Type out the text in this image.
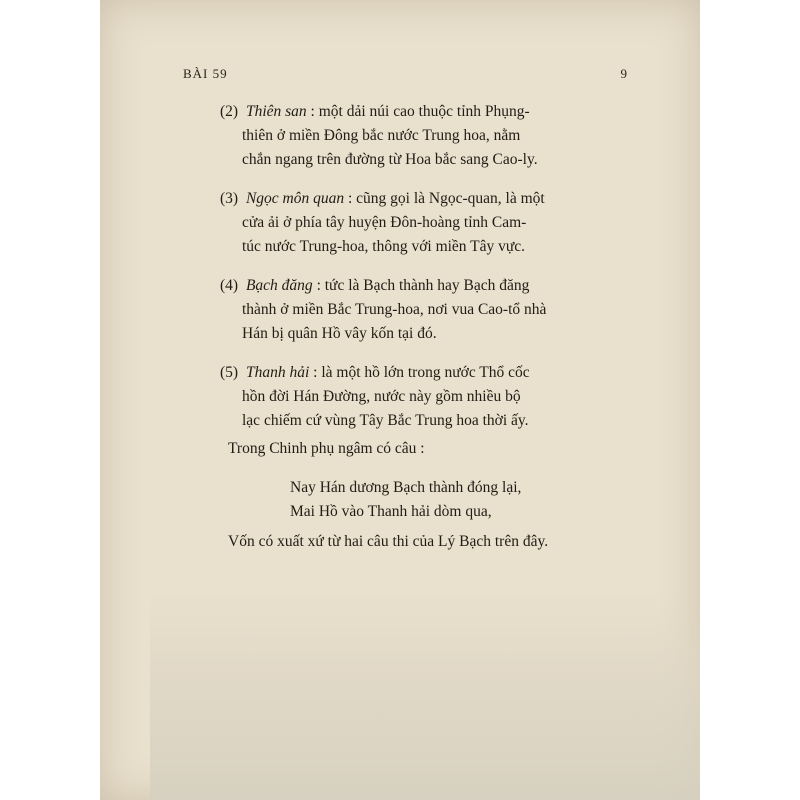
BÀI 59	9
(2) Thiên san : một dải núi cao thuộc tỉnh Phụng-
thiên ở miền Đông bắc nước Trung hoa, nằm
chắn ngang trên đường từ Hoa bắc sang Cao-ly.
(3) Ngọc môn quan : cũng gọi là Ngọc-quan, là một
cửa ải ở phía tây huyện Đôn-hoàng tỉnh Cam-
túc nước Trung-hoa, thông với miền Tây vực.
(4) Bạch đăng : tức là Bạch thành hay Bạch đăng
thành ở miền Bắc Trung-hoa, nơi vua Cao-tổ nhà
Hán bị quân Hồ vây kốn tại đó.
(5) Thanh hải : là một hồ lớn trong nước Thổ cốc
hồn đời Hán Đường, nước này gồm nhiều bộ
lạc chiếm cứ vùng Tây Bắc Trung hoa thời ấy.
Trong Chinh phụ ngâm có câu :
Nay Hán dương Bạch thành đóng lại,
Mai Hồ vào Thanh hải dòm qua,
Vốn có xuất xứ từ hai câu thi của Lý Bạch trên đây.
